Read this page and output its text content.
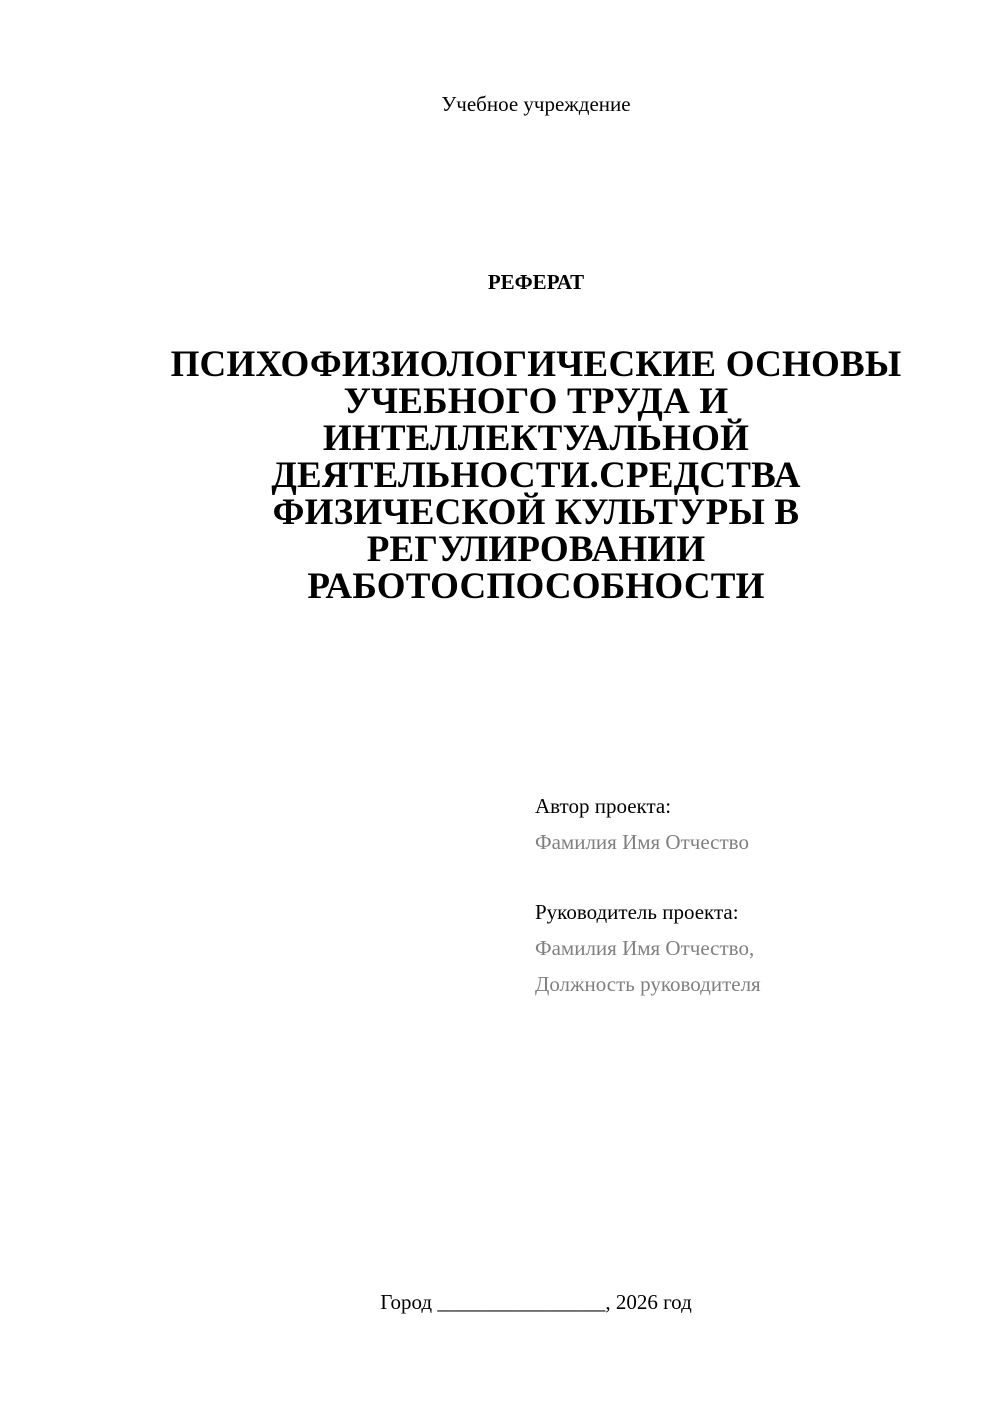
Учебное учреждение
РЕФЕРАТ
ПСИХОФИЗИОЛОГИЧЕСКИЕ ОСНОВЫ
УЧЕБНОГО ТРУДА И
ИНТЕЛЛЕКТУАЛЬНОЙ
ДЕЯТЕЛЬНОСТИ.СРЕДСТВА
ФИЗИЧЕСКОЙ КУЛЬТУРЫ В
РЕГУЛИРОВАНИИ
РАБОТОСПОСОБНОСТИ
Автор проекта:
Фамилия Имя Отчество
Руководитель проекта:
Фамилия Имя Отчество,
Должность руководителя
Город ________________, 2026 год
